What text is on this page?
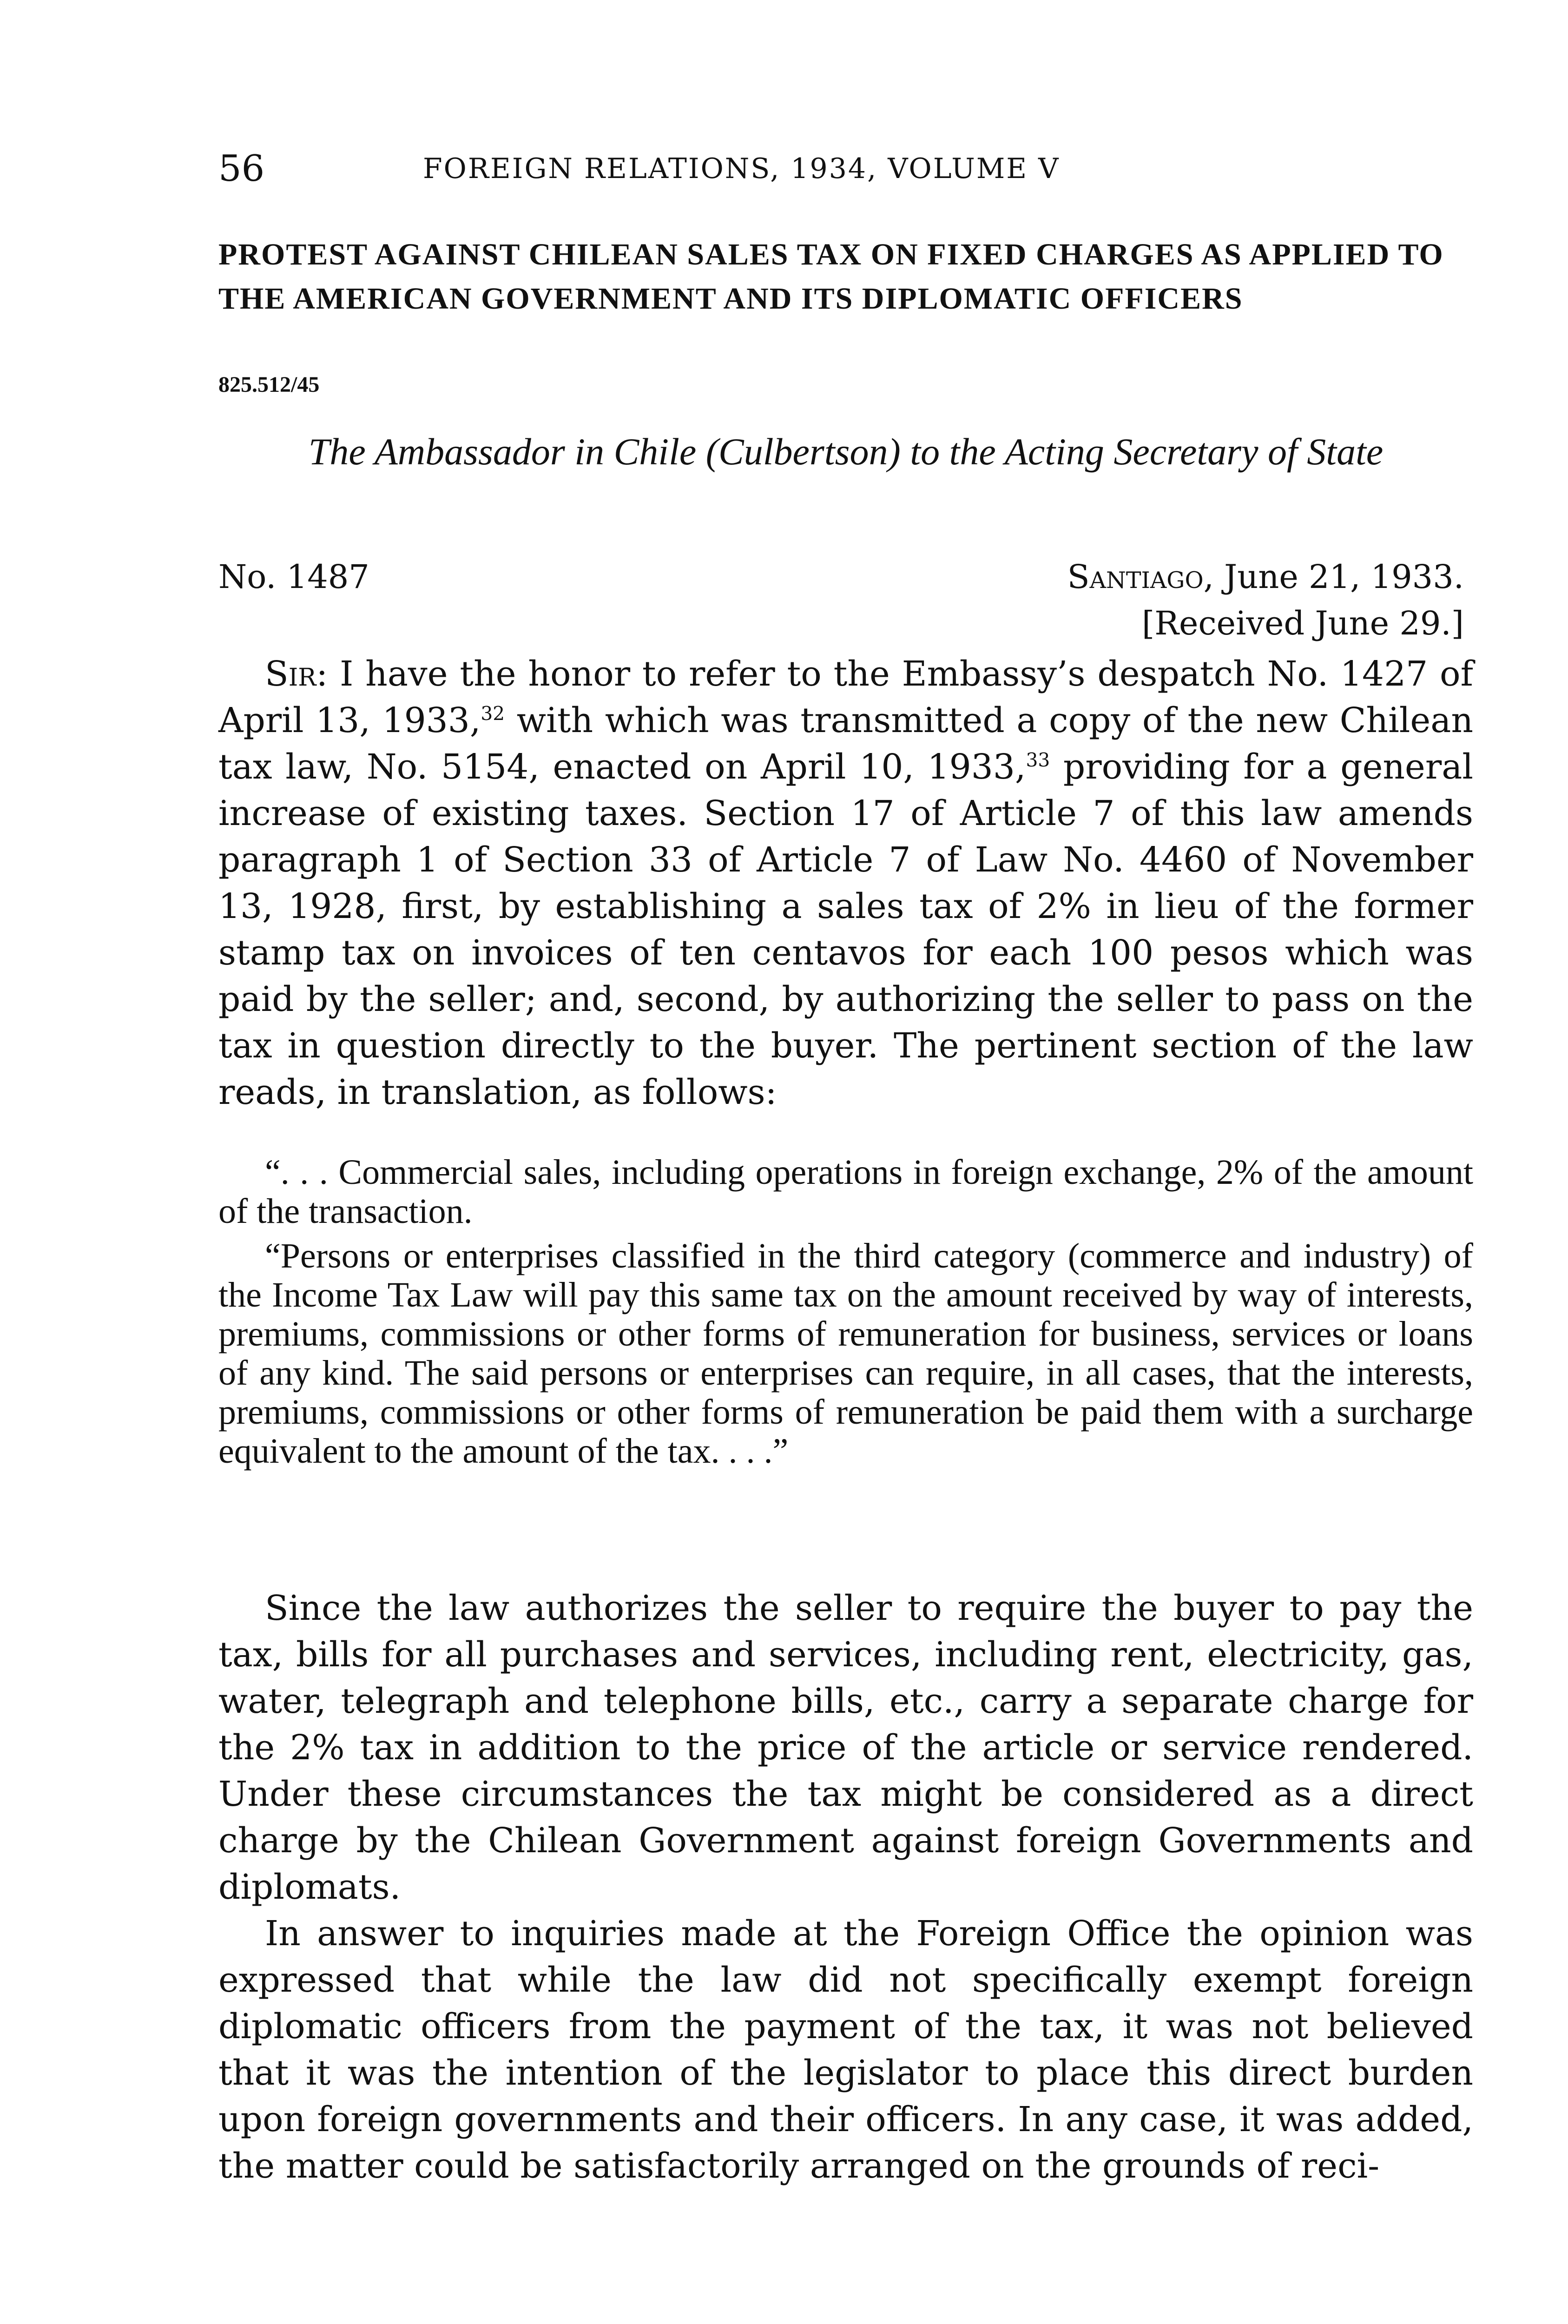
56	FOREIGN RELATIONS, 1934, VOLUME V
PROTEST AGAINST CHILEAN SALES TAX ON FIXED CHARGES AS APPLIED TO THE AMERICAN GOVERNMENT AND ITS DIPLOMATIC OFFICERS
825.512/45
The Ambassador in Chile (Culbertson) to the Acting Secretary of State
No. 1487	Santiago, June 21, 1933.
[Received June 29.]

Sir: I have the honor to refer to the Embassy’s despatch No. 1427 of April 13, 1933,32 with which was transmitted a copy of the new Chilean tax law, No. 5154, enacted on April 10, 1933,33 providing for a general increase of existing taxes. Section 17 of Article 7 of this law amends paragraph 1 of Section 33 of Article 7 of Law No. 4460 of November 13, 1928, first, by establishing a sales tax of 2% in lieu of the former stamp tax on invoices of ten centavos for each 100 pesos which was paid by the seller; and, second, by authorizing the seller to pass on the tax in question directly to the buyer. The pertinent section of the law reads, in translation, as follows:

“. . . Commercial sales, including operations in foreign exchange, 2% of the amount of the transaction.

“Persons or enterprises classified in the third category (commerce and industry) of the Income Tax Law will pay this same tax on the amount received by way of interests, premiums, commissions or other forms of remuneration for business, services or loans of any kind. The said persons or enterprises can require, in all cases, that the interests, premiums, commissions or other forms of remuneration be paid them with a surcharge equivalent to the amount of the tax. . . .”

Since the law authorizes the seller to require the buyer to pay the tax, bills for all purchases and services, including rent, electricity, gas, water, telegraph and telephone bills, etc., carry a separate charge for the 2% tax in addition to the price of the article or service rendered. Under these circumstances the tax might be considered as a direct charge by the Chilean Government against foreign Governments and diplomats.

In answer to inquiries made at the Foreign Office the opinion was expressed that while the law did not specifically exempt foreign diplomatic officers from the payment of the tax, it was not believed that it was the intention of the legislator to place this direct burden upon foreign governments and their officers. In any case, it was added, the matter could be satisfactorily arranged on the grounds of reci-
